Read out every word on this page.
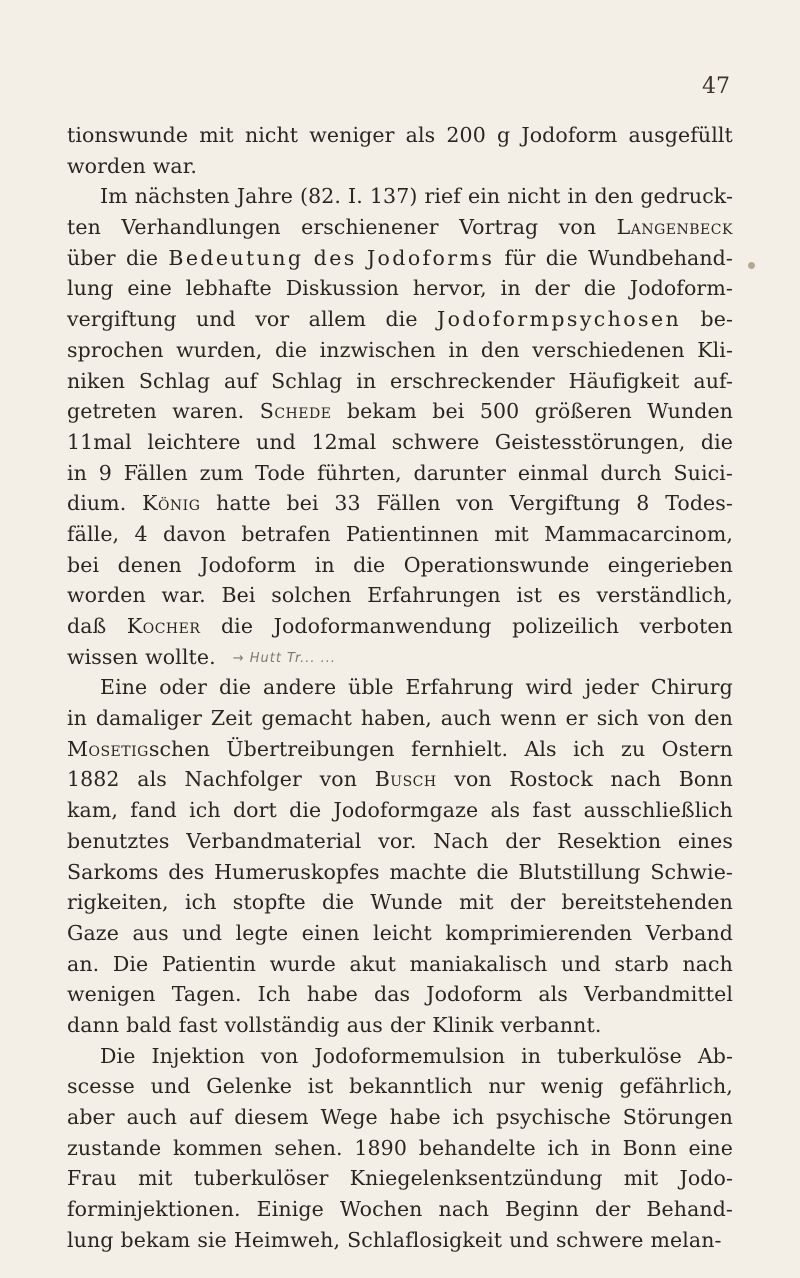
47
tionswunde mit nicht weniger als 200 g Jodoform ausgefüllt
worden war.
Im nächsten Jahre (82. I. 137) rief ein nicht in den gedruck-
ten Verhandlungen erschienener Vortrag von Langenbeck
über die Bedeutung des Jodoforms für die Wundbehand-
lung eine lebhafte Diskussion hervor, in der die Jodoform-
vergiftung und vor allem die Jodoformpsychosen be-
sprochen wurden, die inzwischen in den verschiedenen Kli-
niken Schlag auf Schlag in erschreckender Häufigkeit auf-
getreten waren. Schede bekam bei 500 größeren Wunden
11mal leichtere und 12mal schwere Geistesstörungen, die
in 9 Fällen zum Tode führten, darunter einmal durch Suici-
dium. König hatte bei 33 Fällen von Vergiftung 8 Todes-
fälle, 4 davon betrafen Patientinnen mit Mammacarcinom,
bei denen Jodoform in die Operationswunde eingerieben
worden war. Bei solchen Erfahrungen ist es verständlich,
daß Kocher die Jodoformanwendung polizeilich verboten
wissen wollte. → Hutt Tr... ...
Eine oder die andere üble Erfahrung wird jeder Chirurg
in damaliger Zeit gemacht haben, auch wenn er sich von den
Mosetigschen Übertreibungen fernhielt. Als ich zu Ostern
1882 als Nachfolger von Busch von Rostock nach Bonn
kam, fand ich dort die Jodoformgaze als fast ausschließlich
benutztes Verbandmaterial vor. Nach der Resektion eines
Sarkoms des Humeruskopfes machte die Blutstillung Schwie-
rigkeiten, ich stopfte die Wunde mit der bereitstehenden
Gaze aus und legte einen leicht komprimierenden Verband
an. Die Patientin wurde akut maniakalisch und starb nach
wenigen Tagen. Ich habe das Jodoform als Verbandmittel
dann bald fast vollständig aus der Klinik verbannt.
Die Injektion von Jodoformemulsion in tuberkulöse Ab-
scesse und Gelenke ist bekanntlich nur wenig gefährlich,
aber auch auf diesem Wege habe ich psychische Störungen
zustande kommen sehen. 1890 behandelte ich in Bonn eine
Frau mit tuberkulöser Kniegelenksentzündung mit Jodo-
forminjektionen. Einige Wochen nach Beginn der Behand-
lung bekam sie Heimweh, Schlaflosigkeit und schwere melan-
